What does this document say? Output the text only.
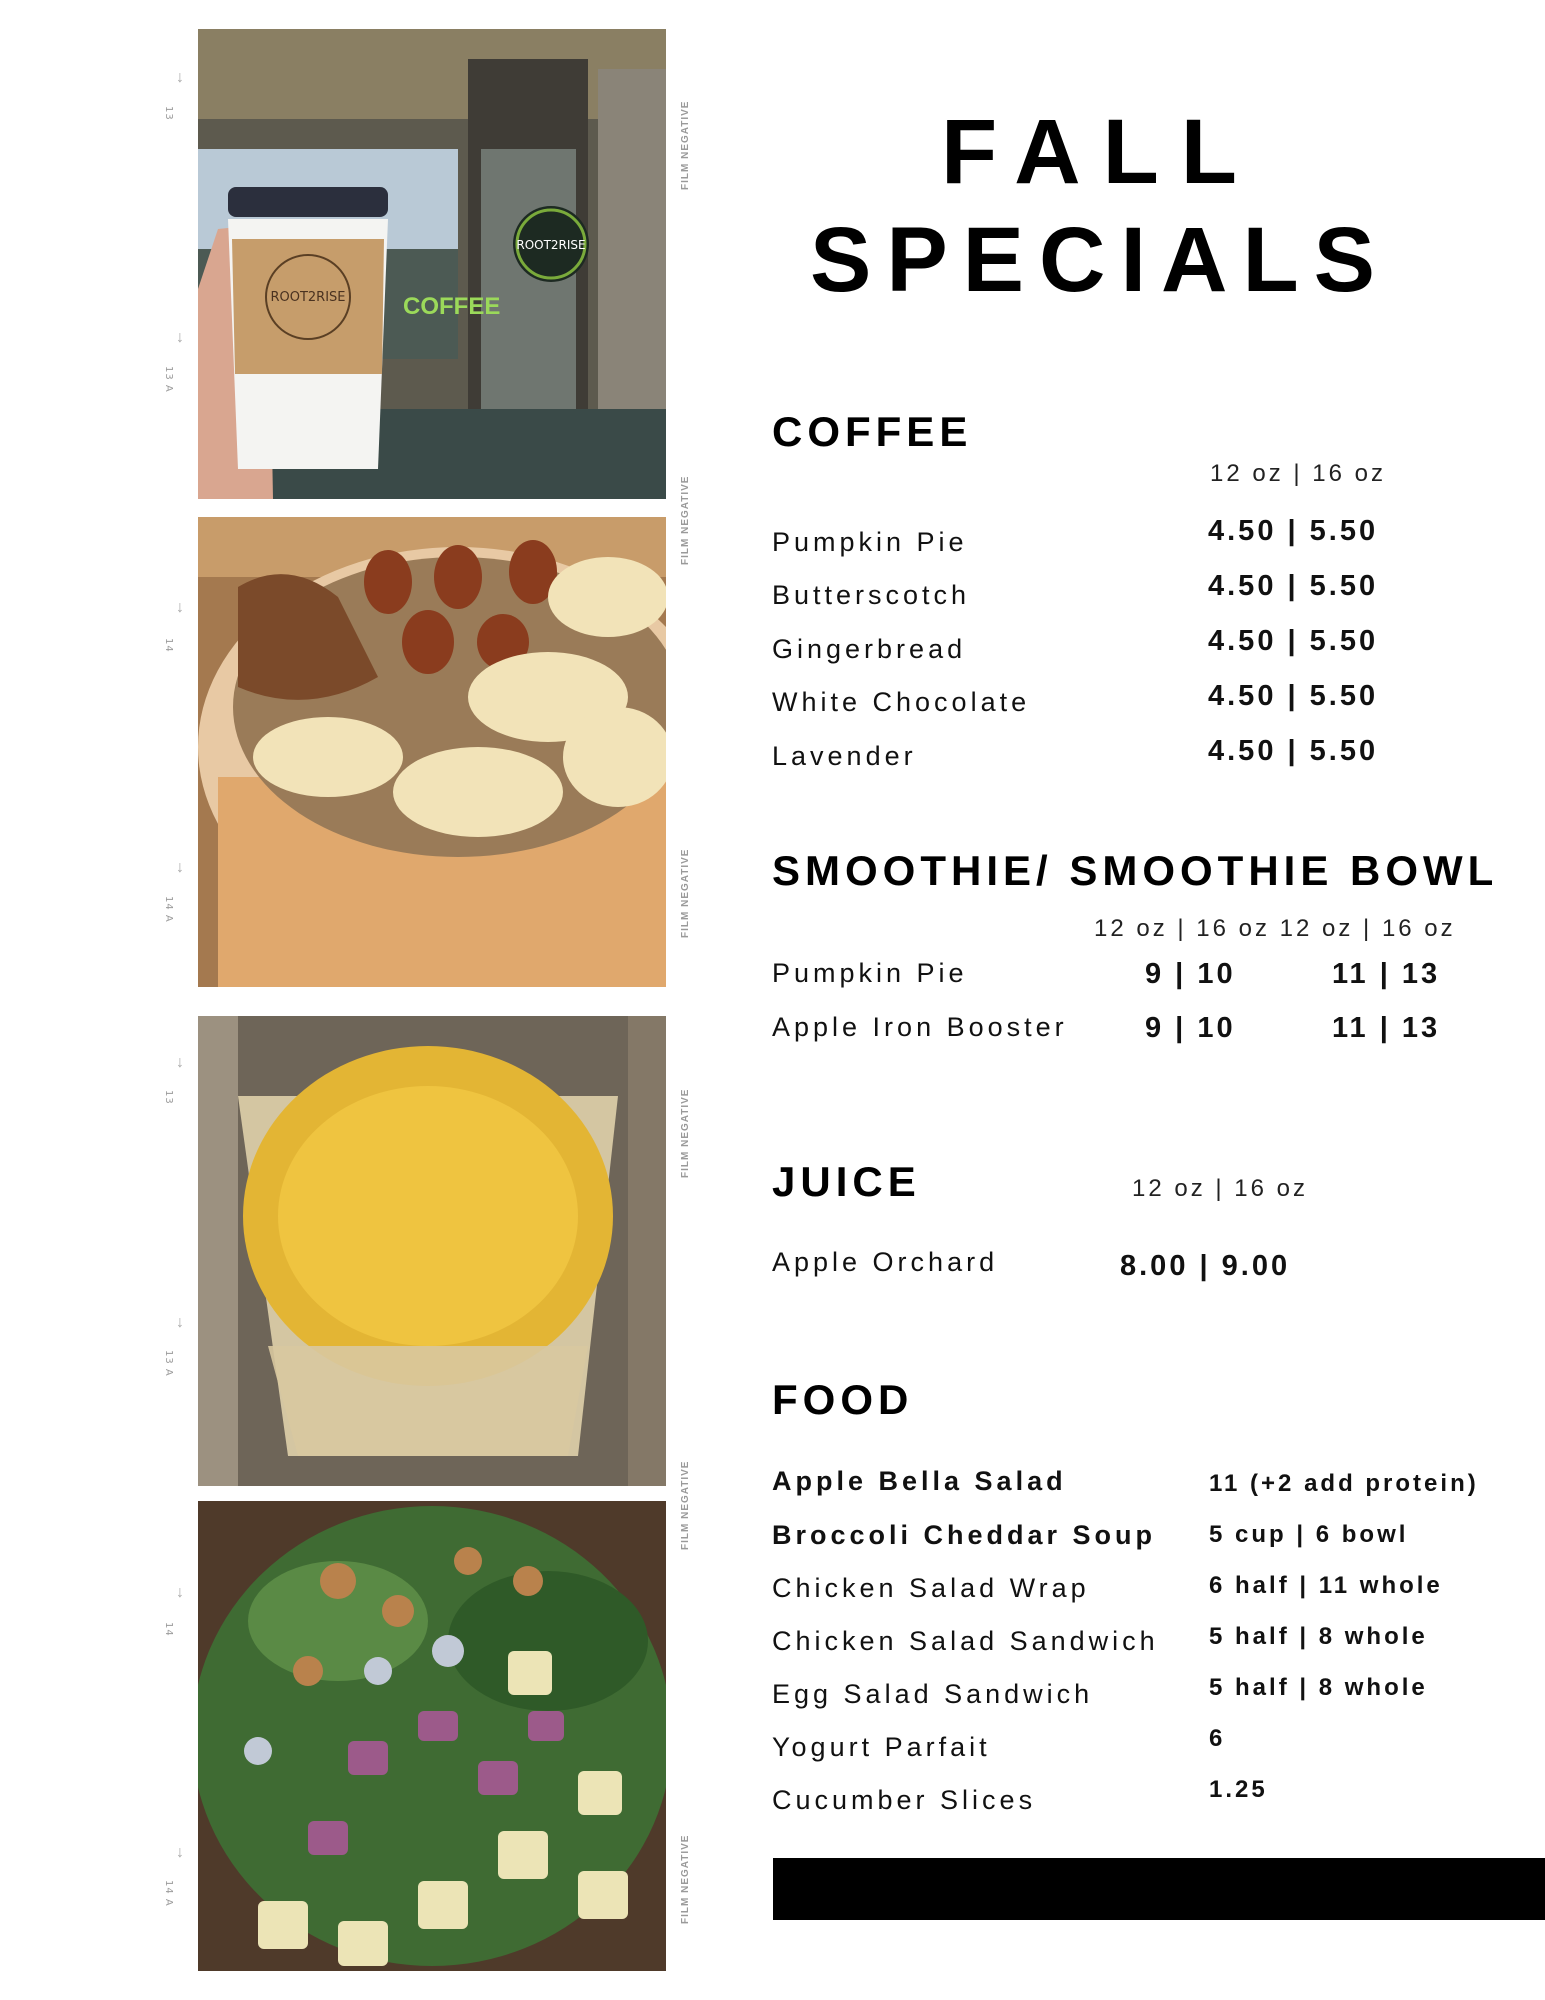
ROOT2RISE
COFFEE
ROOT2RISE
↓
13
↓
13 A
↓
14
↓
14 A
↓
13
↓
13 A
↓
14
↓
14 A
FILM NEGATIVE
FILM NEGATIVE
FILM NEGATIVE
FILM NEGATIVE
FILM NEGATIVE
FILM NEGATIVE
FALL
SPECIALS
COFFEE
12 oz | 16 oz
Pumpkin Pie	4.50 | 5.50
Butterscotch	4.50 | 5.50
Gingerbread	4.50 | 5.50
White Chocolate	4.50 | 5.50
Lavender	4.50 | 5.50
SMOOTHIE/ SMOOTHIE BOWL
12 oz | 16 oz 12 oz | 16 oz
Pumpkin Pie	9 | 10	11 | 13
Apple Iron Booster	9 | 10	11 | 13
JUICE	12 oz | 16 oz
Apple Orchard	8.00 | 9.00
FOOD
Apple Bella Salad	11 (+2 add protein)
Broccoli Cheddar Soup 5 cup | 6 bowl
Chicken Salad Wrap	6 half | 11 whole
Chicken Salad Sandwich 5 half | 8 whole
Egg Salad Sandwich	5 half | 8 whole
Yogurt Parfait	6
Cucumber Slices	1.25
